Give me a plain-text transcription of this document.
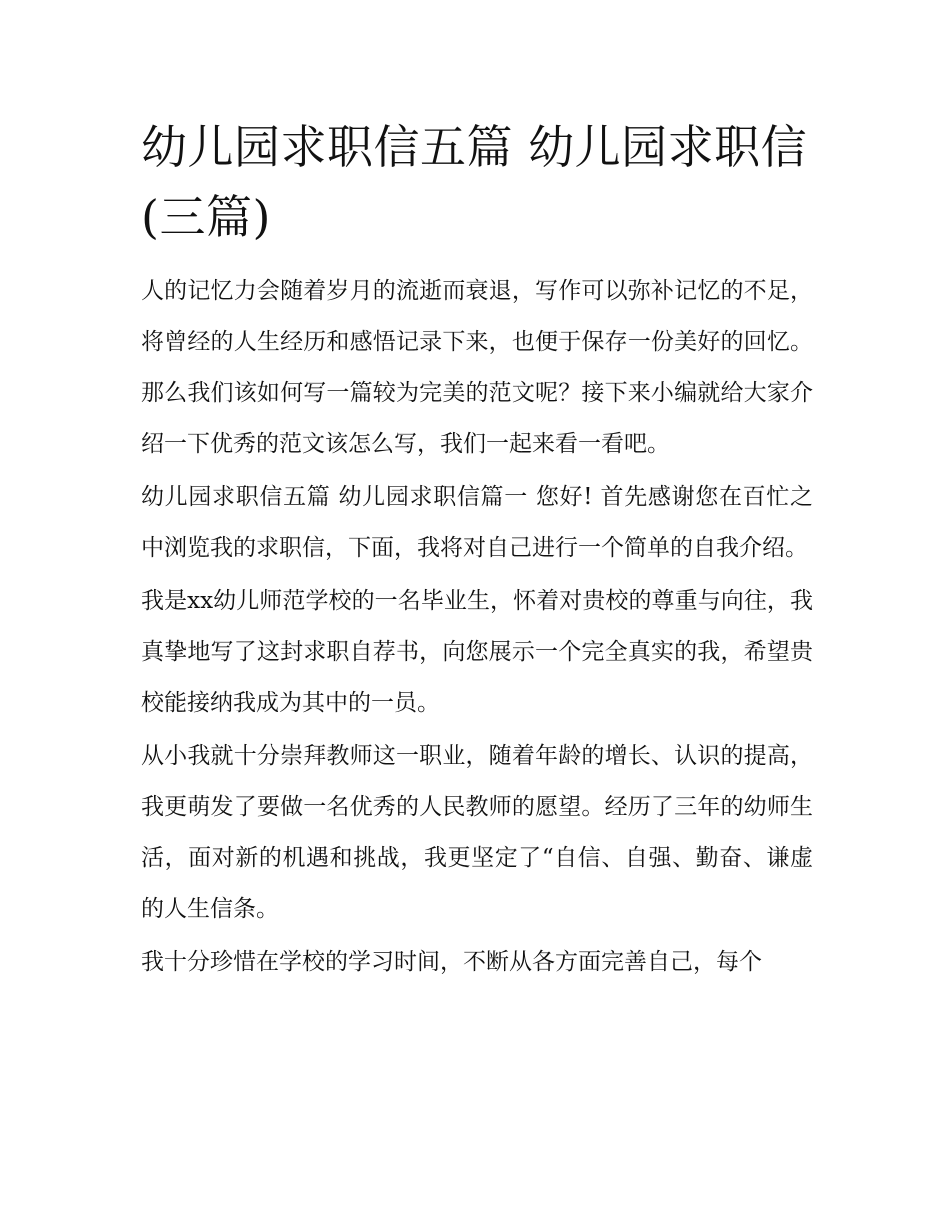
幼儿园求职信五篇 幼儿园求职信(三篇)

人的记忆力会随着岁月的流逝而衰退，写作可以弥补记忆的不足，将曾经的人生经历和感悟记录下来，也便于保存一份美好的回忆。那么我们该如何写一篇较为完美的范文呢？接下来小编就给大家介绍一下优秀的范文该怎么写，我们一起来看一看吧。

幼儿园求职信五篇 幼儿园求职信篇一 您好! 首先感谢您在百忙之中浏览我的求职信，下面，我将对自己进行一个简单的自我介绍。

我是xx幼儿师范学校的一名毕业生，怀着对贵校的尊重与向往，我真挚地写了这封求职自荐书，向您展示一个完全真实的我，希望贵校能接纳我成为其中的一员。

从小我就十分崇拜教师这一职业，随着年龄的增长、认识的提高，我更萌发了要做一名优秀的人民教师的愿望。经历了三年的幼师生活，面对新的机遇和挑战，我更坚定了“自信、自强、勤奋、谦虚的人生信条。

我十分珍惜在学校的学习时间，不断从各方面完善自己，每个
